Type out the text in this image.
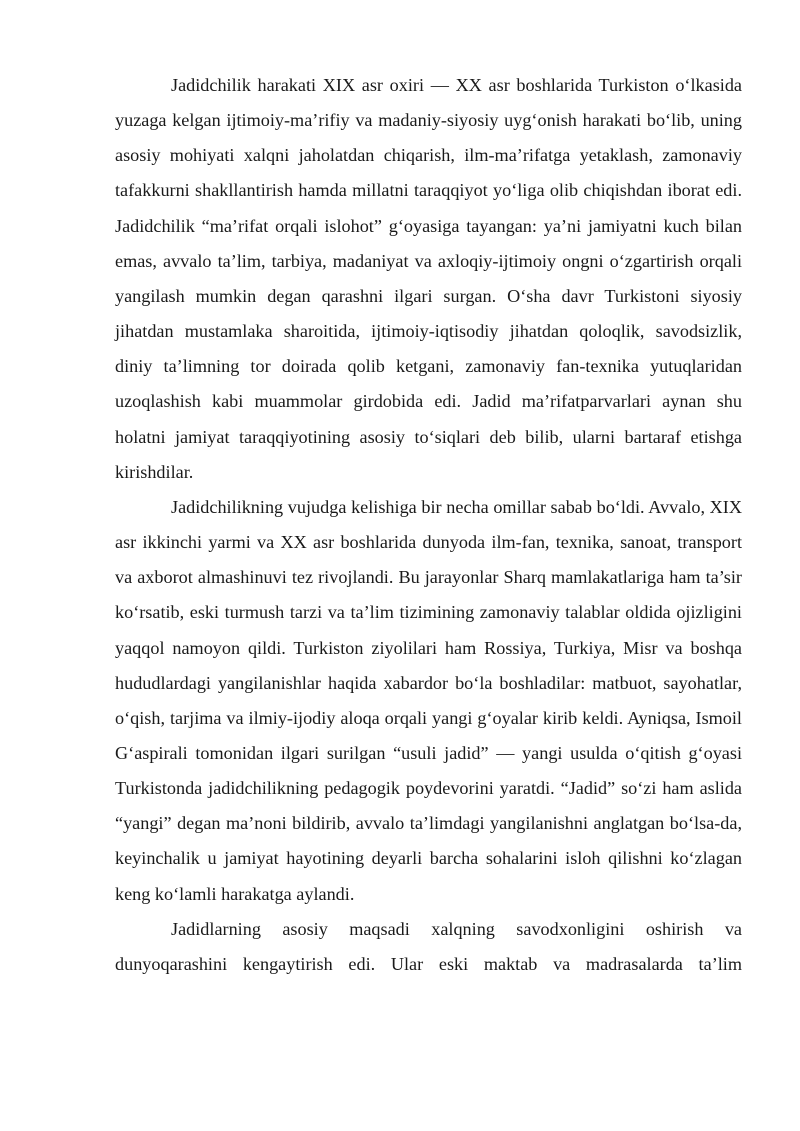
Jadidchilik harakati XIX asr oxiri — XX asr boshlarida Turkiston o‘lkasida yuzaga kelgan ijtimoiy-ma’rifiy va madaniy-siyosiy uyg‘onish harakati bo‘lib, uning asosiy mohiyati xalqni jaholatdan chiqarish, ilm-ma’rifatga yetaklash, zamonaviy tafakkurni shakllantirish hamda millatni taraqqiyot yo‘liga olib chiqishdan iborat edi. Jadidchilik “ma’rifat orqali islohot” g‘oyasiga tayangan: ya’ni jamiyatni kuch bilan emas, avvalo ta’lim, tarbiya, madaniyat va axloqiy-ijtimoiy ongni o‘zgartirish orqali yangilash mumkin degan qarashni ilgari surgan. O‘sha davr Turkistoni siyosiy jihatdan mustamlaka sharoitida, ijtimoiy-iqtisodiy jihatdan qoloqlik, savodsizlik, diniy ta’limning tor doirada qolib ketgani, zamonaviy fan-texnika yutuqlaridan uzoqlashish kabi muammolar girdobida edi. Jadid ma’rifatparvarlari aynan shu holatni jamiyat taraqqiyotining asosiy to‘siqlari deb bilib, ularni bartaraf etishga kirishdilar.

Jadidchilikning vujudga kelishiga bir necha omillar sabab bo‘ldi. Avvalo, XIX asr ikkinchi yarmi va XX asr boshlarida dunyoda ilm-fan, texnika, sanoat, transport va axborot almashinuvi tez rivojlandi. Bu jarayonlar Sharq mamlakatlariga ham ta’sir ko‘rsatib, eski turmush tarzi va ta’lim tizimining zamonaviy talablar oldida ojizligini yaqqol namoyon qildi. Turkiston ziyolilari ham Rossiya, Turkiya, Misr va boshqa hududlardagi yangilanishlar haqida xabardor bo‘la boshladilar: matbuot, sayohatlar, o‘qish, tarjima va ilmiy-ijodiy aloqa orqali yangi g‘oyalar kirib keldi. Ayniqsa, Ismoil G‘aspirali tomonidan ilgari surilgan “usuli jadid” — yangi usulda o‘qitish g‘oyasi Turkistonda jadidchilikning pedagogik poydevorini yaratdi. “Jadid” so‘zi ham aslida “yangi” degan ma’noni bildirib, avvalo ta’limdagi yangilanishni anglatgan bo‘lsa-da, keyinchalik u jamiyat hayotining deyarli barcha sohalarini isloh qilishni ko‘zlagan keng ko‘lamli harakatga aylandi.

Jadidlarning asosiy maqsadi xalqning savodxonligini oshirish va dunyoqarashini kengaytirish edi. Ular eski maktab va madrasalarda ta’lim
